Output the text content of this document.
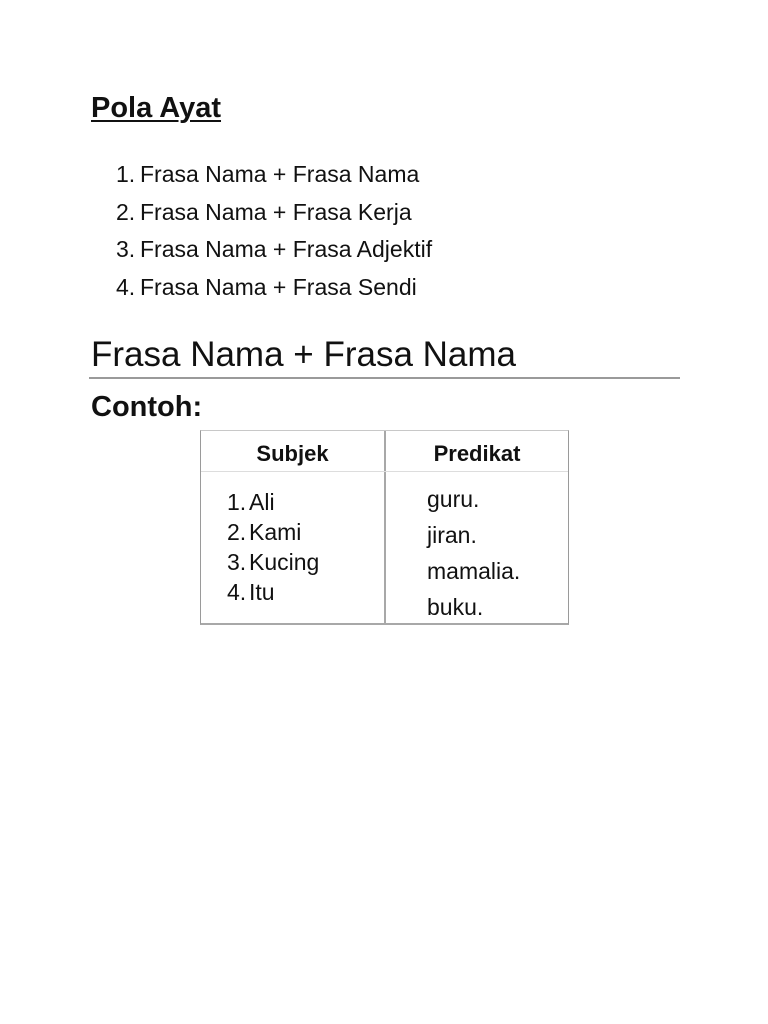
Pola Ayat
1. Frasa Nama + Frasa Nama
2. Frasa Nama + Frasa Kerja
3. Frasa Nama + Frasa Adjektif
4. Frasa Nama + Frasa Sendi
Frasa Nama + Frasa Nama
Contoh:
Subjek	Predikat
1. Ali
2. Kami
3. Kucing
4. Itu
guru.
jiran.
mamalia.
buku.
